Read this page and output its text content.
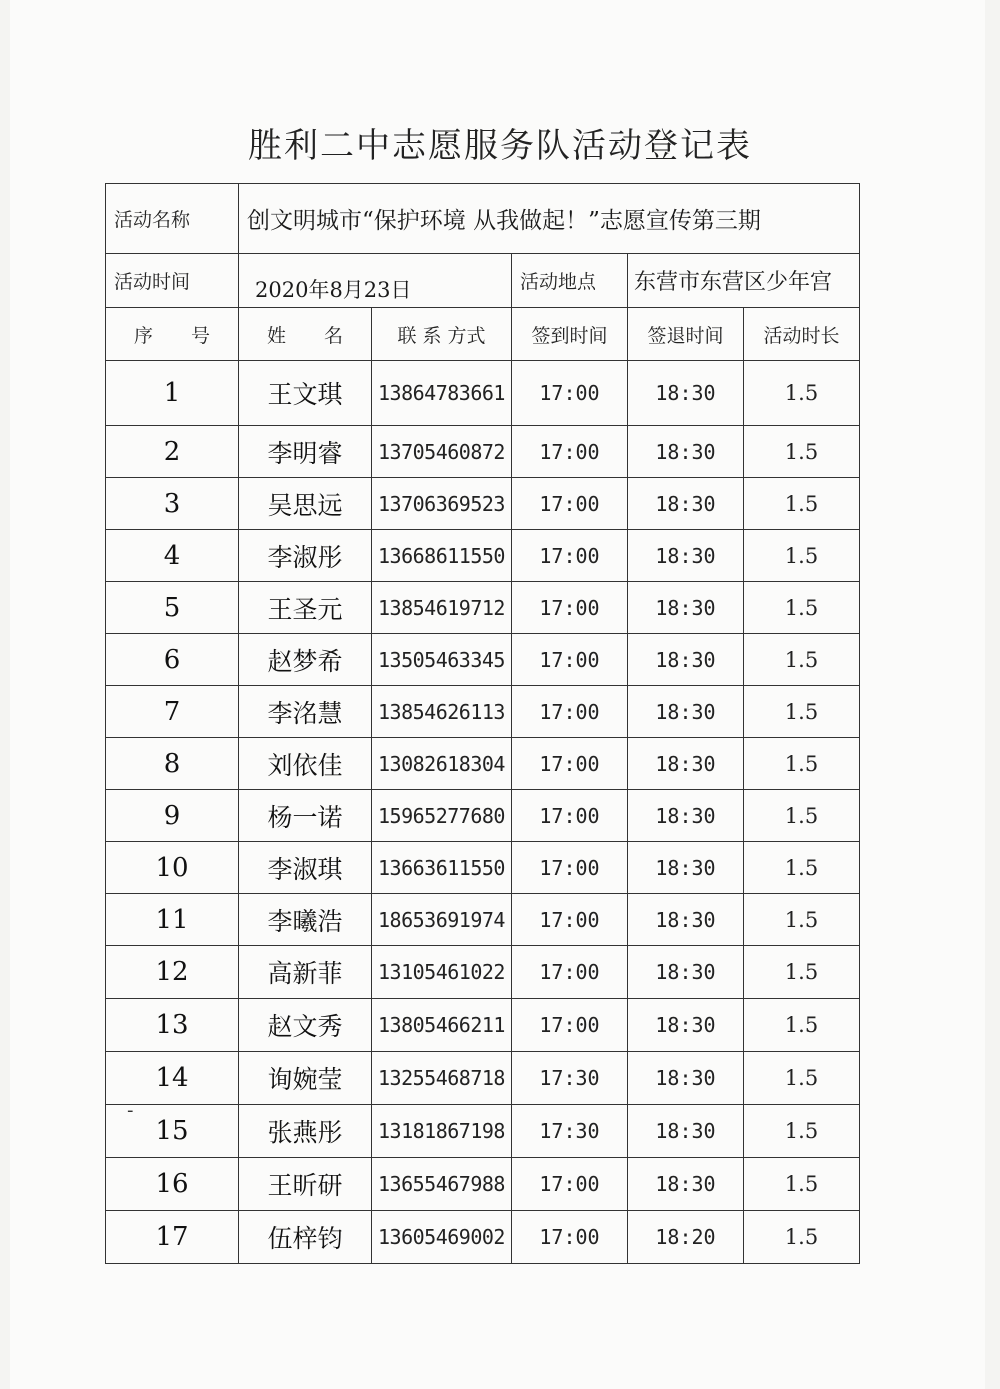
胜利二中志愿服务队活动登记表
活动名称	创文明城市“保护环境 从我做起！”志愿宣传第三期				
活动时间	2020年8月23日		活动地点	东营市东营区少年宫	
序　　号	姓　　名	联 系 方式	签到时间	签退时间	活动时长
1	王文琪	13864783661	17:00	18:30	1.5
2	李明睿	13705460872	17:00	18:30	1.5
3	吴思远	13706369523	17:00	18:30	1.5
4	李淑彤	13668611550	17:00	18:30	1.5
5	王圣元	13854619712	17:00	18:30	1.5
6	赵梦希	13505463345	17:00	18:30	1.5
7	李洺慧	13854626113	17:00	18:30	1.5
8	刘依佳	13082618304	17:00	18:30	1.5
9	杨一诺	15965277680	17:00	18:30	1.5
10	李淑琪	13663611550	17:00	18:30	1.5
11	李曦浩	18653691974	17:00	18:30	1.5
12	高新菲	13105461022	17:00	18:30	1.5
13	赵文秀	13805466211	17:00	18:30	1.5
14	询婉莹	13255468718	17:30	18:30	1.5
15	张燕彤	13181867198	17:30	18:30	1.5
16	王昕研	13655467988	17:00	18:30	1.5
17	伍梓钧	13605469002	17:00	18:20	1.5
-
